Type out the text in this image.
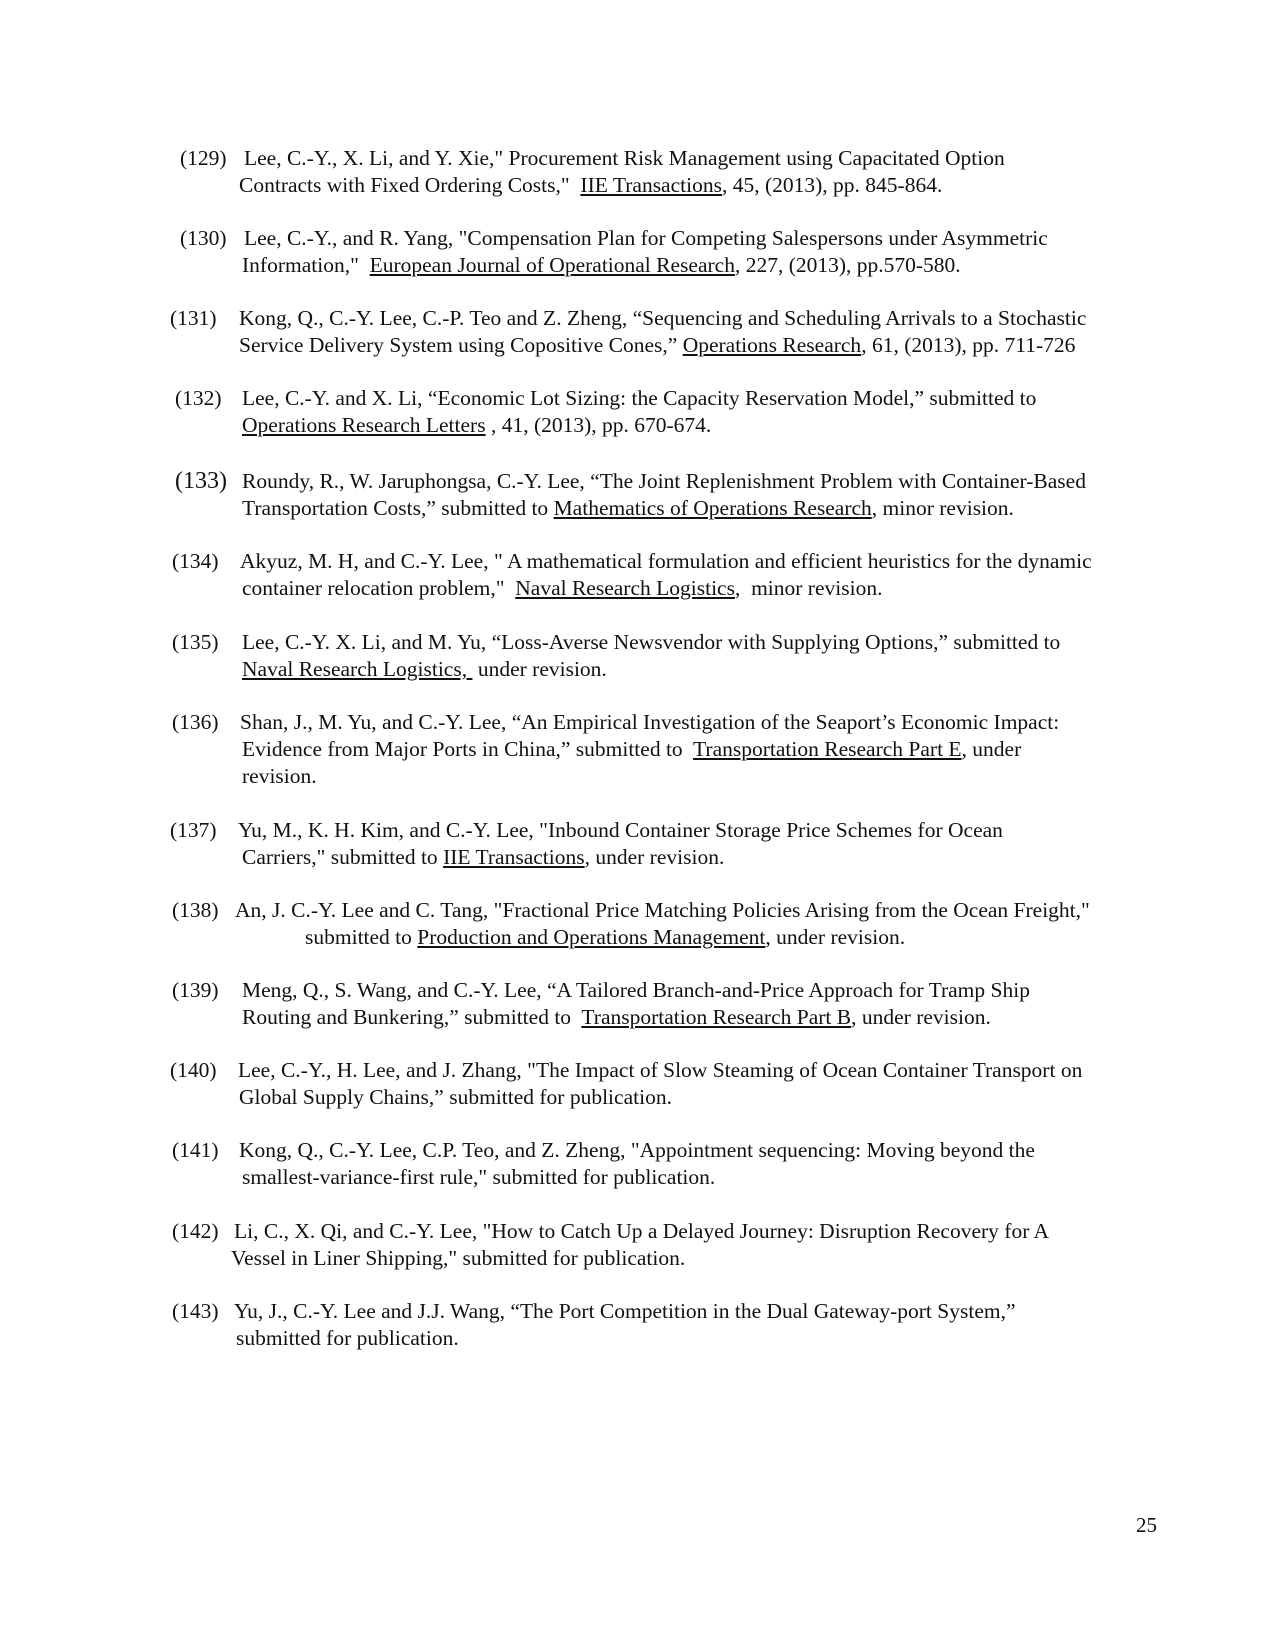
(129) Lee, C.-Y., X. Li, and Y. Xie," Procurement Risk Management using Capacitated Option
Contracts with Fixed Ordering Costs,"  IIE Transactions, 45, (2013), pp. 845-864.
(130) Lee, C.-Y., and R. Yang, "Compensation Plan for Competing Salespersons under Asymmetric
Information,"  European Journal of Operational Research, 227, (2013), pp.570-580.
(131) Kong, Q., C.-Y. Lee, C.-P. Teo and Z. Zheng, “Sequencing and Scheduling Arrivals to a Stochastic
Service Delivery System using Copositive Cones,” Operations Research, 61, (2013), pp. 711-726
(132) Lee, C.-Y. and X. Li, “Economic Lot Sizing: the Capacity Reservation Model,” submitted to
Operations Research Letters , 41, (2013), pp. 670-674.
(133) Roundy, R., W. Jaruphongsa, C.-Y. Lee, “The Joint Replenishment Problem with Container-Based
Transportation Costs,” submitted to Mathematics of Operations Research, minor revision.
(134) Akyuz, M. H, and C.-Y. Lee, " A mathematical formulation and efficient heuristics for the dynamic
container relocation problem,"  Naval Research Logistics,  minor revision.
(135) Lee, C.-Y. X. Li, and M. Yu, “Loss-Averse Newsvendor with Supplying Options,” submitted to
Naval Research Logistics,  under revision.
(136) Shan, J., M. Yu, and C.-Y. Lee, “An Empirical Investigation of the Seaport’s Economic Impact:
Evidence from Major Ports in China,” submitted to  Transportation Research Part E, under
revision.
(137) Yu, M., K. H. Kim, and C.-Y. Lee, "Inbound Container Storage Price Schemes for Ocean
Carriers," submitted to IIE Transactions, under revision.
(138) An, J. C.-Y. Lee and C. Tang, "Fractional Price Matching Policies Arising from the Ocean Freight,"
submitted to Production and Operations Management, under revision.
(139) Meng, Q., S. Wang, and C.-Y. Lee, “A Tailored Branch-and-Price Approach for Tramp Ship
Routing and Bunkering,” submitted to  Transportation Research Part B, under revision.
(140) Lee, C.-Y., H. Lee, and J. Zhang, "The Impact of Slow Steaming of Ocean Container Transport on
Global Supply Chains,” submitted for publication.
(141) Kong, Q., C.-Y. Lee, C.P. Teo, and Z. Zheng, "Appointment sequencing: Moving beyond the
smallest-variance-first rule," submitted for publication.
(142) Li, C., X. Qi, and C.-Y. Lee, "How to Catch Up a Delayed Journey: Disruption Recovery for A
Vessel in Liner Shipping," submitted for publication.
(143) Yu, J., C.-Y. Lee and J.J. Wang, “The Port Competition in the Dual Gateway-port System,”
submitted for publication.
25
